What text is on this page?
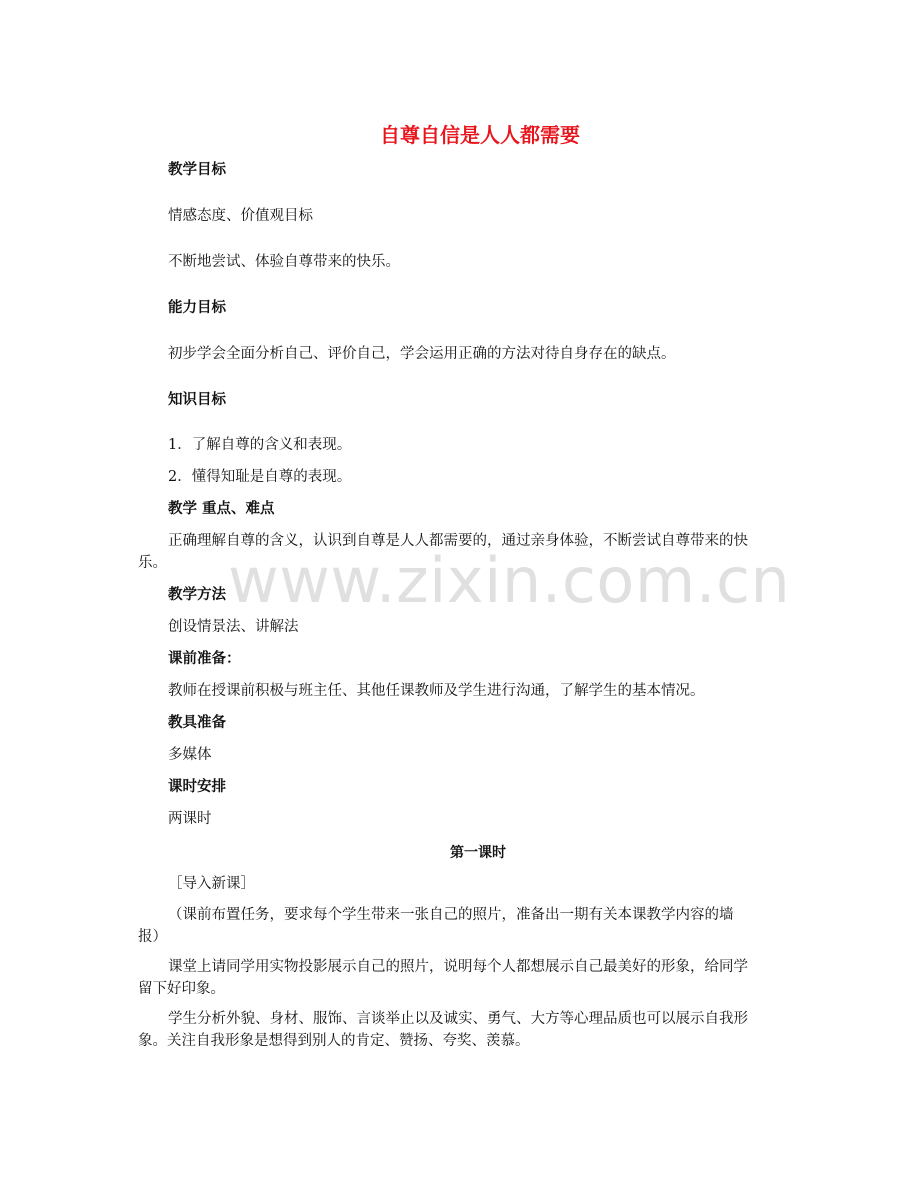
自尊自信是人人都需要
教学目标
情感态度、价值观目标
不断地尝试、体验自尊带来的快乐。
能力目标
初步学会全面分析自己、评价自己，学会运用正确的方法对待自身存在的缺点。
知识目标
1．了解自尊的含义和表现。
2．懂得知耻是自尊的表现。
教学 重点、难点
正确理解自尊的含义，认识到自尊是人人都需要的，通过亲身体验，不断尝试自尊带来的快乐。
教学方法
创设情景法、讲解法
课前准备：
教师在授课前积极与班主任、其他任课教师及学生进行沟通，了解学生的基本情况。
教具准备
多媒体
课时安排
两课时
第一课时
［导入新课］
（课前布置任务，要求每个学生带来一张自己的照片，准备出一期有关本课教学内容的墙报）
课堂上请同学用实物投影展示自己的照片，说明每个人都想展示自己最美好的形象，给同学留下好印象。
学生分析外貌、身材、服饰、言谈举止以及诚实、勇气、大方等心理品质也可以展示自我形象。关注自我形象是想得到别人的肯定、赞扬、夸奖、羡慕。
www.zixin.com.cn
